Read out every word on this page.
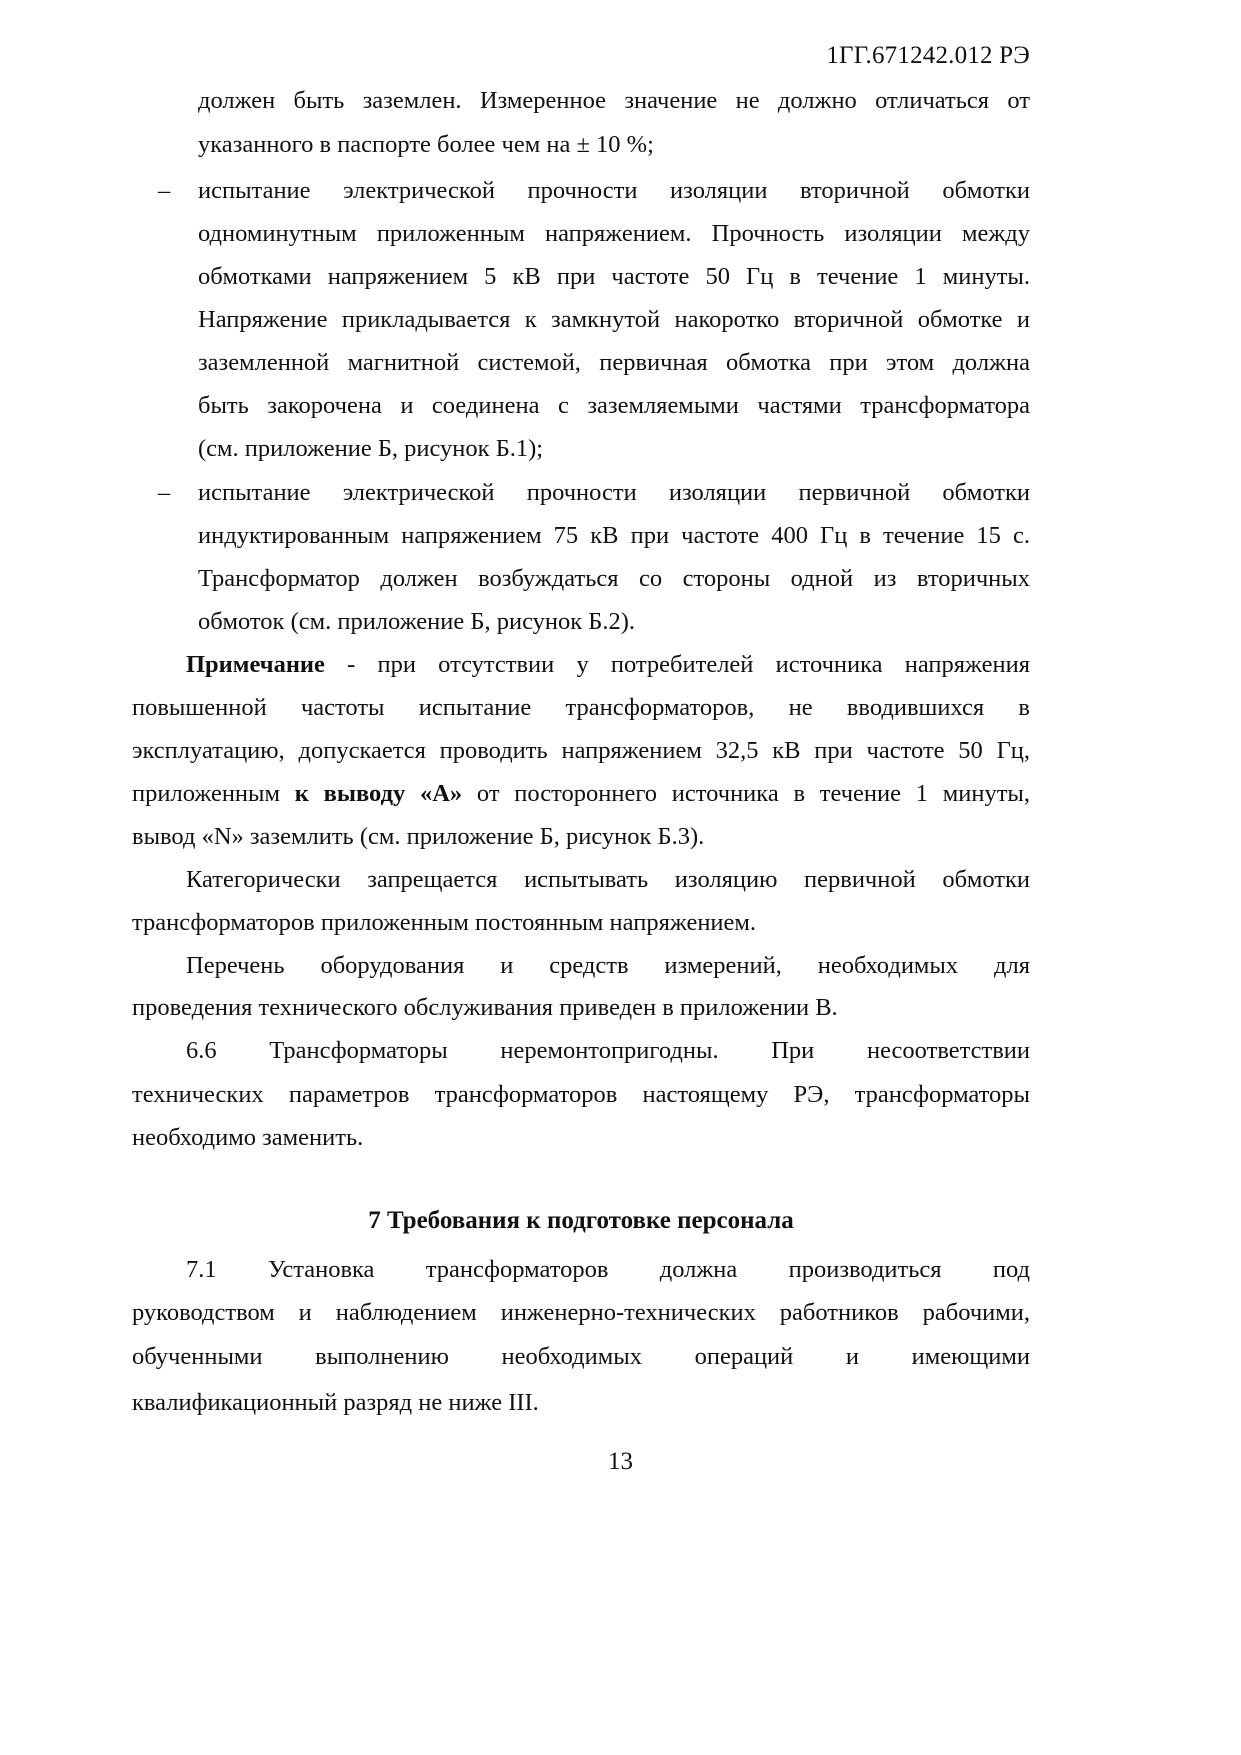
1ГГ.671242.012 РЭ
должен быть заземлен. Измеренное значение не должно отличаться от
указанного в паспорте более чем на ± 10 %;
– испытание электрической прочности изоляции вторичной обмотки
одноминутным приложенным напряжением. Прочность изоляции между
обмотками напряжением 5 кВ при частоте 50 Гц в течение 1 минуты.
Напряжение прикладывается к замкнутой накоротко вторичной обмотке и
заземленной магнитной системой, первичная обмотка при этом должна
быть закорочена и соединена с заземляемыми частями трансформатора
(см. приложение Б, рисунок Б.1);
– испытание электрической прочности изоляции первичной обмотки
индуктированным напряжением 75 кВ при частоте 400 Гц в течение 15 с.
Трансформатор должен возбуждаться со стороны одной из вторичных
обмоток (см. приложение Б, рисунок Б.2).
Примечание - при отсутствии у потребителей источника напряжения
повышенной частоты испытание трансформаторов, не вводившихся в
эксплуатацию, допускается проводить напряжением 32,5 кВ при частоте 50 Гц,
приложенным к выводу «А» от постороннего источника в течение 1 минуты,
вывод «N» заземлить (см. приложение Б, рисунок Б.3).
Категорически запрещается испытывать изоляцию первичной обмотки
трансформаторов приложенным постоянным напряжением.
Перечень оборудования и средств измерений, необходимых для
проведения технического обслуживания приведен в приложении В.
6.6 Трансформаторы неремонтопригодны. При несоответствии
технических параметров трансформаторов настоящему РЭ, трансформаторы
необходимо заменить.
7 Требования к подготовке персонала
7.1 Установка трансформаторов должна производиться под
руководством и наблюдением инженерно-технических работников рабочими,
обученными выполнению необходимых операций и имеющими
квалификационный разряд не ниже III.
13
